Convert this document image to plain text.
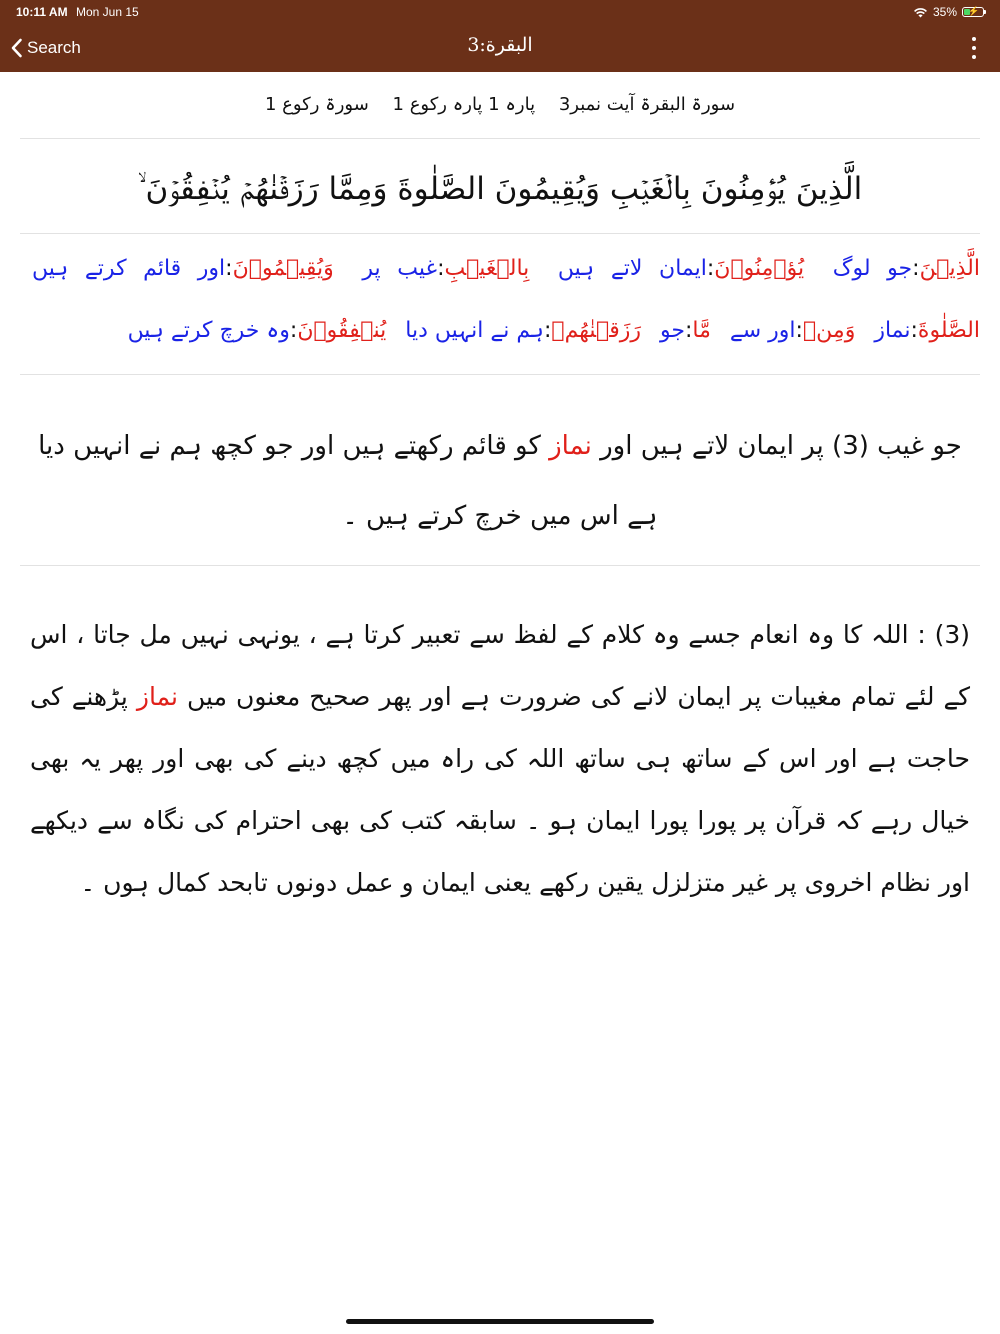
10:11 AM Mon Jun 15	35% ⚡
Search	البقرة:3
سورۃ البقرۃ آیت نمبر3 پارہ 1 پارہ رکوع 1 سورۃ رکوع 1
الَّذِينَ يُؤۡمِنُونَ بِالۡغَيۡبِ وَيُقِيمُونَ الصَّلٰوةَ وَمِمَّا رَزَقۡنٰهُمۡ يُنۡفِقُوۡنَ ۙ
الَّذِيۡنَ:جو لوگ يُؤۡمِنُوۡنَ:ایمان لاتے ہیں بِالۡغَيۡبِ:غیب پر وَيُقِيۡمُوۡنَ:اور قائم کرتے ہیں الصَّلٰوةَ:نماز وَمِنۡ:اور سے مَّا:جو رَزَقۡنٰهُمۡ:ہم نے انہیں دیا يُنۡفِقُوۡنَ:وہ خرچ کرتے ہیں
جو غیب (3) پر ایمان لاتے ہیں اور نماز کو قائم رکھتے ہیں اور جو کچھ ہم نے انہیں دیا ہے اس میں خرچ کرتے ہیں ۔
(3) : اللہ کا وہ انعام جسے وہ کلام کے لفظ سے تعبیر کرتا ہے ، یونہی نہیں مل جاتا ، اس کے لئے تمام مغیبات پر ایمان لانے کی ضرورت ہے اور پھر صحیح معنوں میں نماز پڑھنے کی حاجت ہے اور اس کے ساتھ ہی ساتھ اللہ کی راہ میں کچھ دینے کی بھی اور پھر یہ بھی خیال رہے کہ قرآن پر پورا پورا ایمان ہو ۔ سابقہ کتب کی بھی احترام کی نگاہ سے دیکھے اور نظام اخروی پر غیر متزلزل یقین رکھے یعنی ایمان و عمل دونوں تابحد کمال ہوں ۔
